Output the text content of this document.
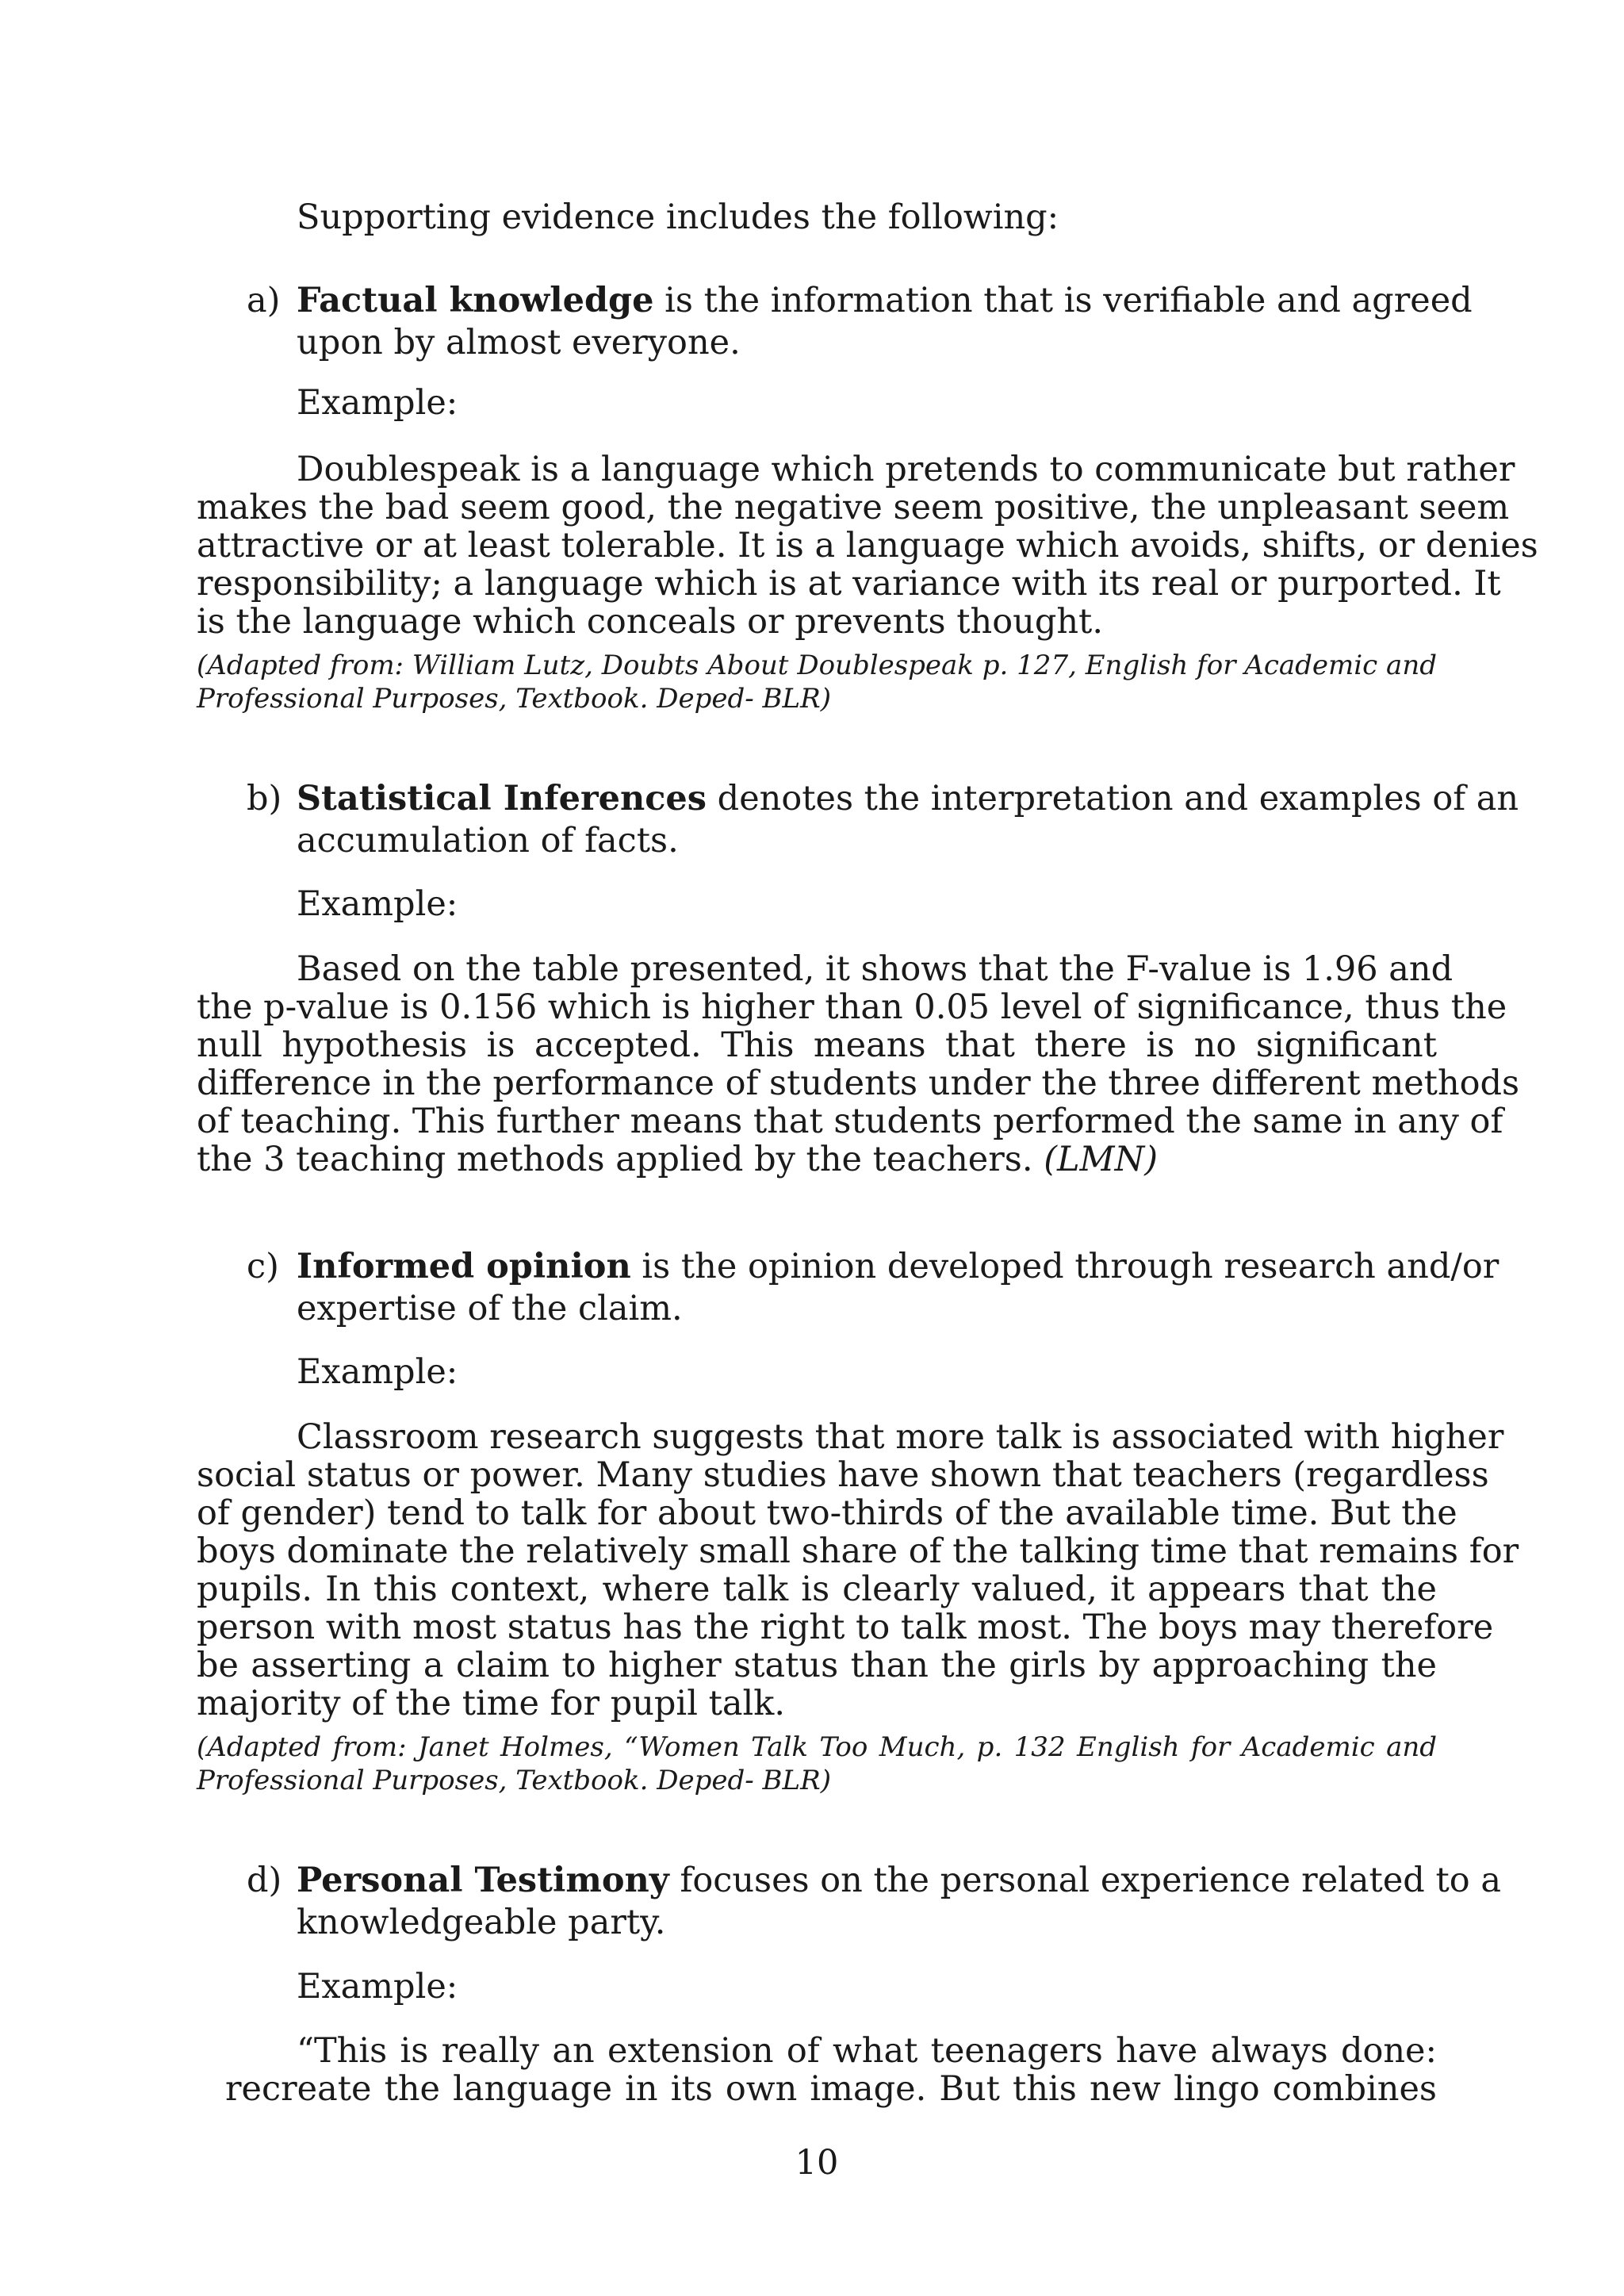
Supporting evidence includes the following:
a) Factual knowledge is the information that is verifiable and agreed
upon by almost everyone.
Example:
Doublespeak is a language which pretends to communicate but rather
makes the bad seem good, the negative seem positive, the unpleasant seem
attractive or at least tolerable. It is a language which avoids, shifts, or denies
responsibility; a language which is at variance with its real or purported. It
is the language which conceals or prevents thought.
(Adapted from: William Lutz, Doubts About Doublespeak p. 127, English for Academic and
Professional Purposes, Textbook. Deped- BLR)
b) Statistical Inferences denotes the interpretation and examples of an
accumulation of facts.
Example:
Based on the table presented, it shows that the F-value is 1.96 and
the p-value is 0.156 which is higher than 0.05 level of significance, thus the
null hypothesis is accepted. This means that there is no significant
difference in the performance of students under the three different methods
of teaching. This further means that students performed the same in any of
the 3 teaching methods applied by the teachers. (LMN)
c) Informed opinion is the opinion developed through research and/or
expertise of the claim.
Example:
Classroom research suggests that more talk is associated with higher
social status or power. Many studies have shown that teachers (regardless
of gender) tend to talk for about two-thirds of the available time. But the
boys dominate the relatively small share of the talking time that remains for
pupils. In this context, where talk is clearly valued, it appears that the
person with most status has the right to talk most. The boys may therefore
be asserting a claim to higher status than the girls by approaching the
majority of the time for pupil talk.
(Adapted from: Janet Holmes, “Women Talk Too Much, p. 132 English for Academic and
Professional Purposes, Textbook. Deped- BLR)
d) Personal Testimony focuses on the personal experience related to a
knowledgeable party.
Example:
“This is really an extension of what teenagers have always done:
recreate the language in its own image. But this new lingo combines
10
